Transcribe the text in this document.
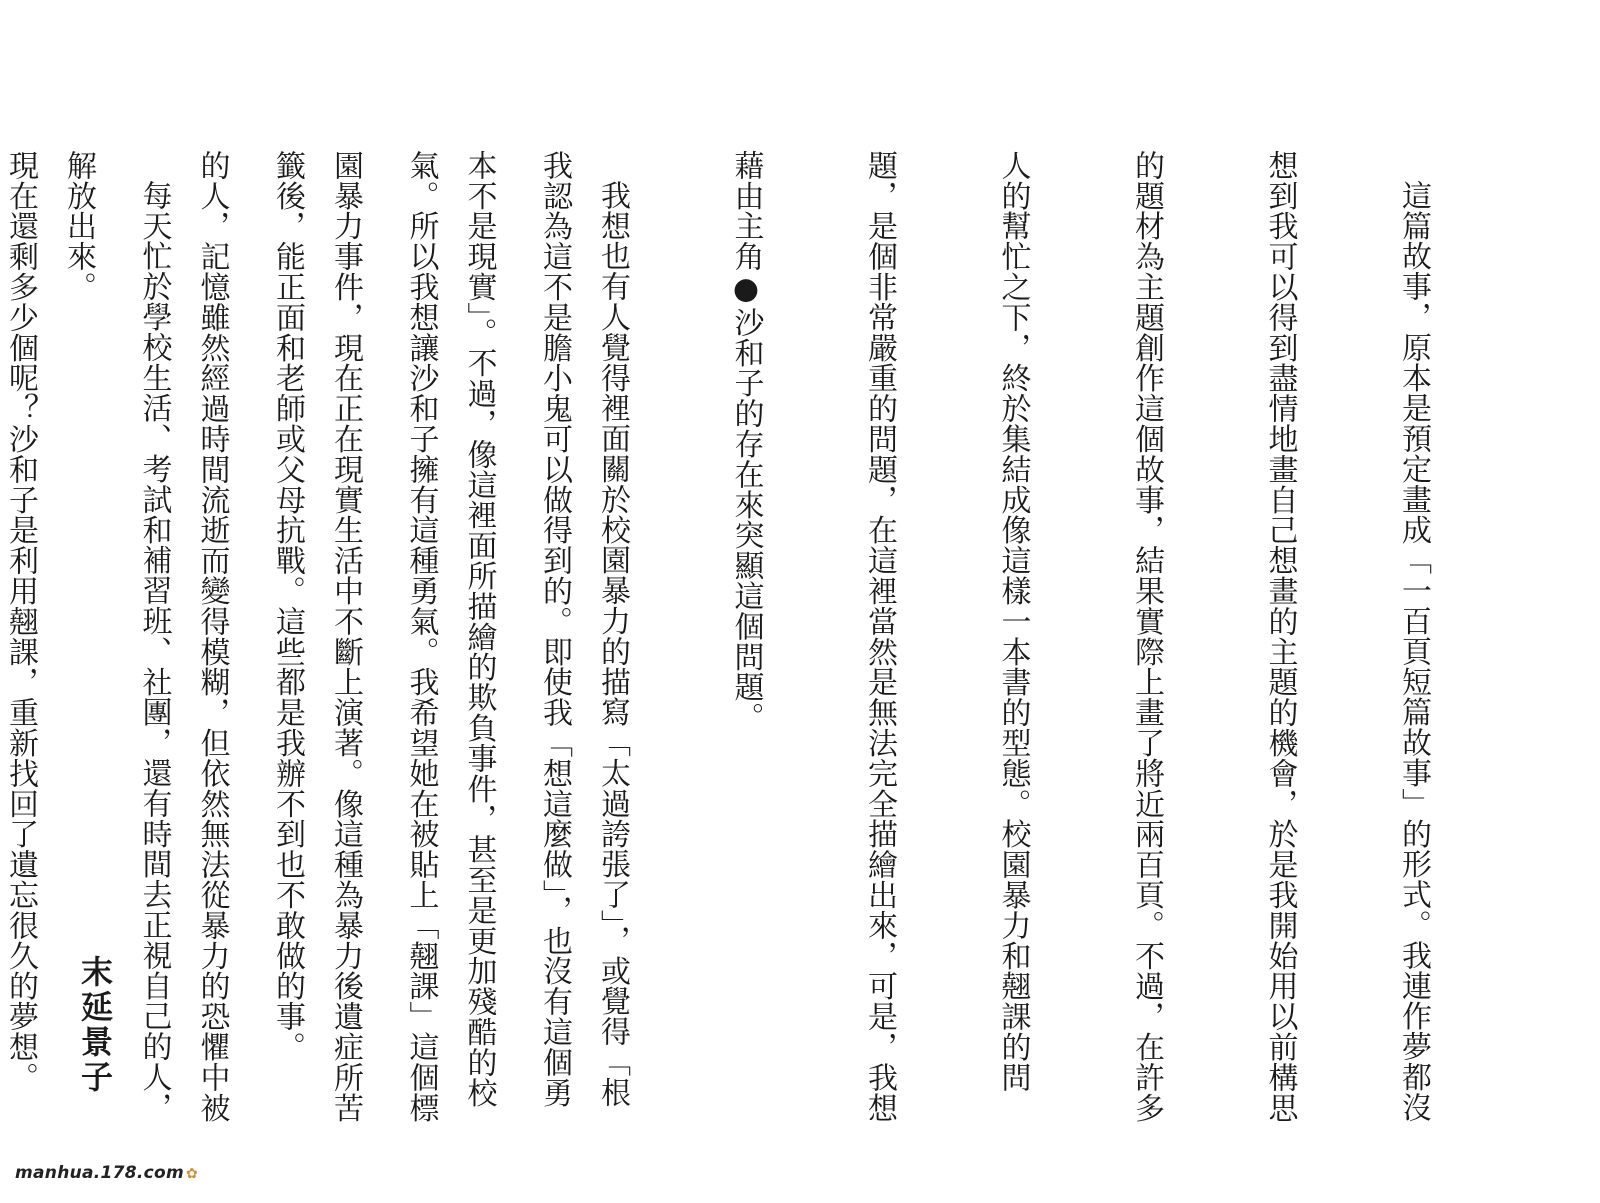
這篇故事，原本是預定畫成「一百頁短篇故事」的形式。我連作夢都沒

想到我可以得到盡情地畫自己想畫的主題的機會，於是我開始用以前構思

的題材為主題創作這個故事，結果實際上畫了將近兩百頁。不過，在許多

人的幫忙之下，終於集結成像這樣一本書的型態。校園暴力和翹課的問

題，是個非常嚴重的問題，在這裡當然是無法完全描繪出來，可是，我想

藉由主角●沙和子的存在來突顯這個問題。

我想也有人覺得裡面關於校園暴力的描寫「太過誇張了」，或覺得「根

本不是現實」。不過，像這裡面所描繪的欺負事件，甚至是更加殘酷的校

園暴力事件，現在正在現實生活中不斷上演著。像這種為暴力後遺症所苦

的人，記憶雖然經過時間流逝而變得模糊，但依然無法從暴力的恐懼中被

解放出來。

	我認為這不是膽小鬼可以做得到的。即使我「想這麼做」，也沒有這個勇

氣。所以我想讓沙和子擁有這種勇氣。我希望她在被貼上「翹課」這個標

籤後，能正面和老師或父母抗戰。這些都是我辦不到也不敢做的事。

每天忙於學校生活、考試和補習班、社團，還有時間去正視自己的人，

現在還剩多少個呢？沙和子是利用翹課，重新找回了遺忘很久的夢想。

末延景子
manhua.178.com ✿
